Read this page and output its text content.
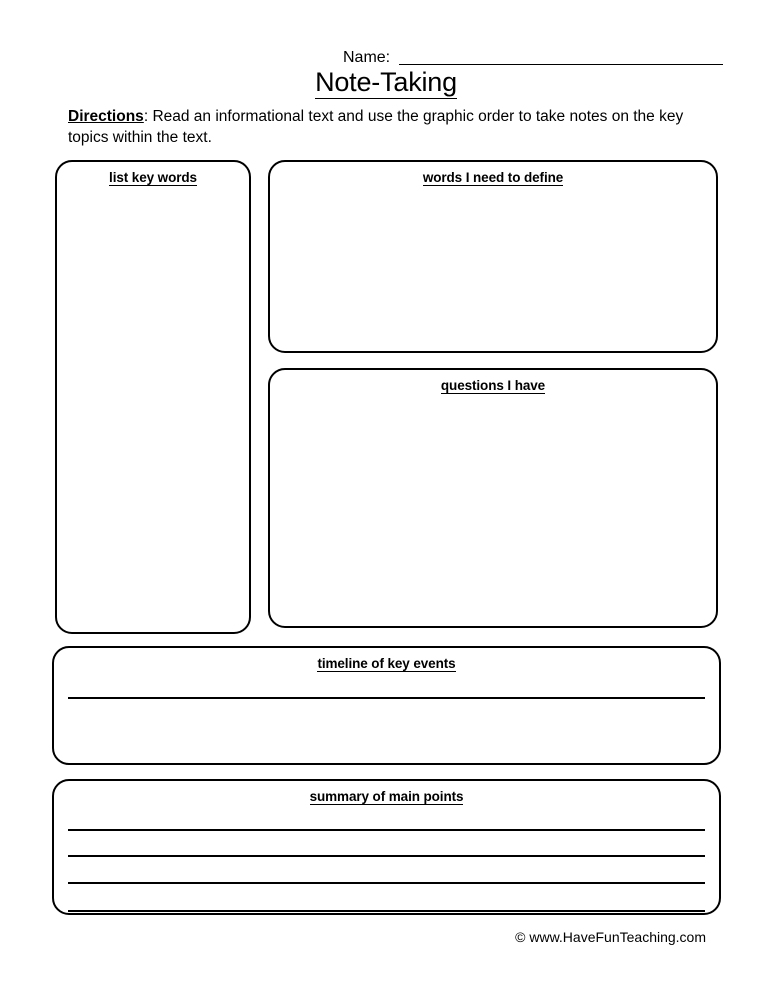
Name:
Note-Taking
Directions: Read an informational text and use the graphic order to take notes on the key topics within the text.
list key words	words I need to define
questions I have
timeline of key events
summary of main points
© www.HaveFunTeaching.com
